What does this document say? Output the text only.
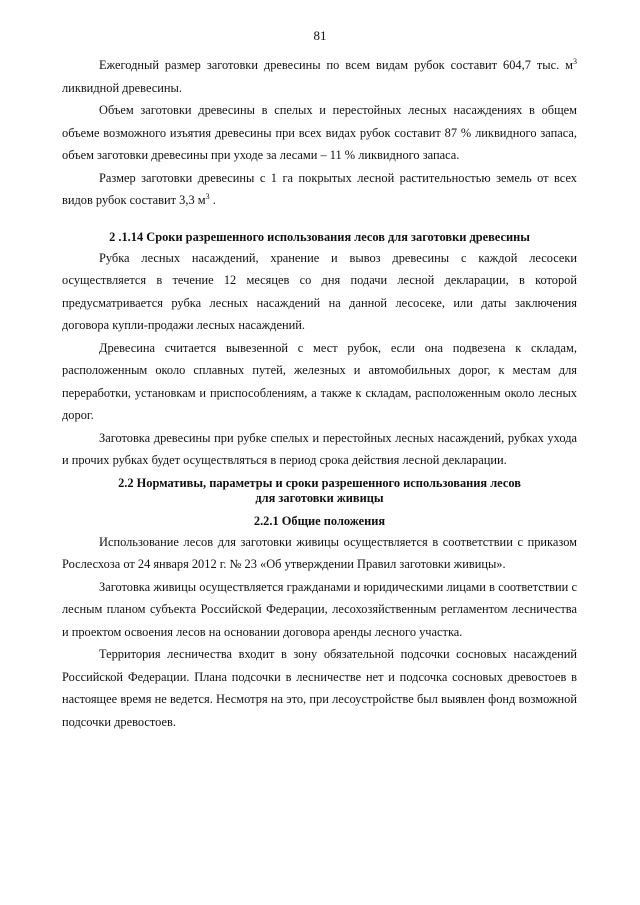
81

Ежегодный размер заготовки древесины по всем видам рубок составит 604,7 тыс. $м^3$ ликвидной древесины.

Объем заготовки древесины в спелых и перестойных лесных насаждениях в общем объеме возможного изъятия древесины при всех видах рубок составит 87 % ликвидного запаса, объем заготовки древесины при уходе за лесами – 11 % ликвидного запаса.

Размер заготовки древесины с 1 га покрытых лесной растительностью земель от всех видов рубок составит 3,3 $м^3$ .

2 .1.14 Сроки разрешенного использования лесов для заготовки древесины

Рубка лесных насаждений, хранение и вывоз древесины с каждой лесосеки осуществляется в течение 12 месяцев со дня подачи лесной декларации, в которой предусматривается рубка лесных насаждений на данной лесосеке, или даты заключения договора купли-продажи лесных насаждений.

Древесина считается вывезенной с мест рубок, если она подвезена к складам, расположенным около сплавных путей, железных и автомобильных дорог, к местам для переработки, установкам и приспособлениям, а также к складам, расположенным около лесных дорог.

Заготовка древесины при рубке спелых и перестойных лесных насаждений, рубках ухода и прочих рубках будет осуществляться в период срока действия лесной декларации.

2.2 Нормативы, параметры и сроки разрешенного использования лесов
для заготовки живицы

2.2.1 Общие положения

Использование лесов для заготовки живицы осуществляется в соответствии с приказом Рослесхоза от 24 января 2012 г. № 23 «Об утверждении Правил заготовки живицы».

Заготовка живицы осуществляется гражданами и юридическими лицами в соответствии с лесным планом субъекта Российской Федерации, лесохозяйственным регламентом лесничества и проектом освоения лесов на основании договора аренды лесного участка.

Территория лесничества входит в зону обязательной подсочки сосновых насаждений Российской Федерации. Плана подсочки в лесничестве нет и подсочка сосновых древостоев в настоящее время не ведется. Несмотря на это, при лесоустройстве был выявлен фонд возможной подсочки древостоев.
